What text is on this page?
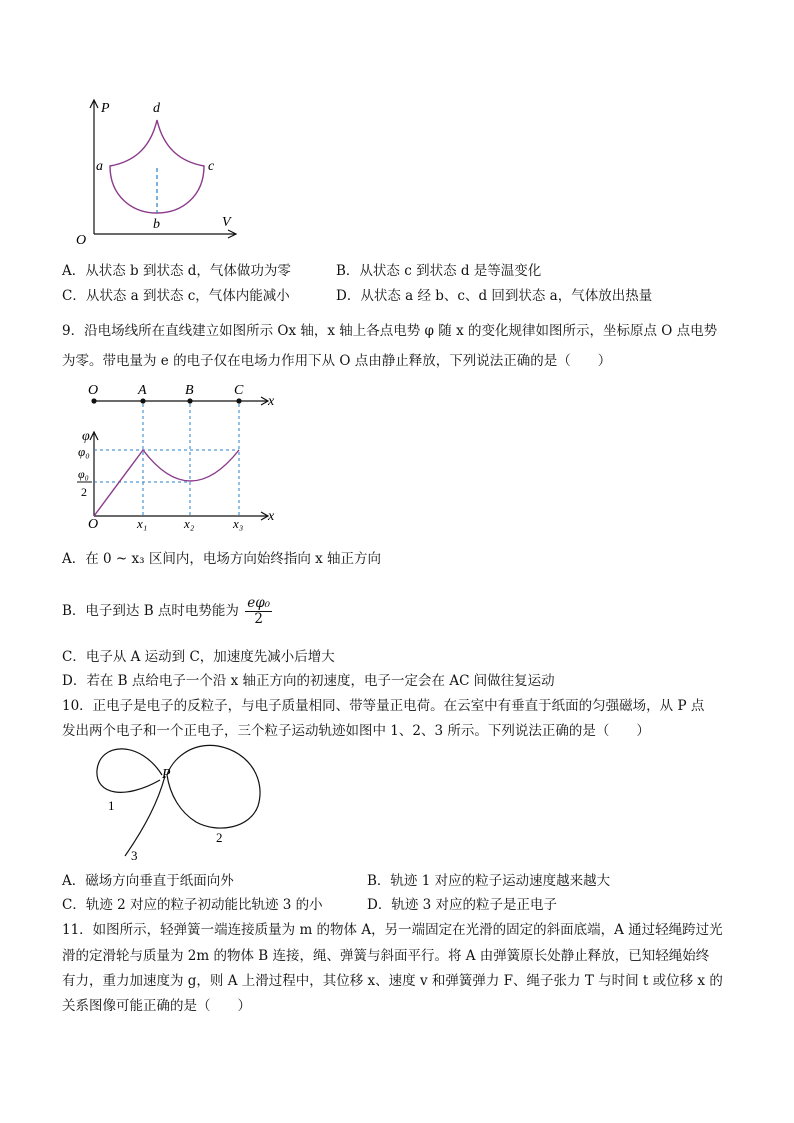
P
V
O
a
b
c
d
A．从状态 b 到状态 d，气体做功为零	B．从状态 c 到状态 d 是等温变化
C．从状态 a 到状态 c，气体内能减小	D．从状态 a 经 b、c、d 回到状态 a，气体放出热量
9．沿电场线所在直线建立如图所示 Ox 轴，x 轴上各点电势 φ 随 x 的变化规律如图所示，坐标原点 O 点电势
为零。带电量为 e 的电子仅在电场力作用下从 O 点由静止释放，下列说法正确的是（　　）
O	A	B	C
x
φ
φ₀
φ₀
2
O	x₁	x₂	x₃ x
A．在 0 ~ x₃ 区间内，电场方向始终指向 x 轴正方向
B．电子到达 B 点时电势能为 $\frac{\text{eφ₀}}{2}$
C．电子从 A 运动到 C，加速度先减小后增大
D．若在 B 点给电子一个沿 x 轴正方向的初速度，电子一定会在 AC 间做往复运动
10．正电子是电子的反粒子，与电子质量相同、带等量正电荷。在云室中有垂直于纸面的匀强磁场，从 P 点
发出两个电子和一个正电子，三个粒子运动轨迹如图中 1、2、3 所示。下列说法正确的是（　　）
P
1
2
3
A．磁场方向垂直于纸面向外	B．轨迹 1 对应的粒子运动速度越来越大
C．轨迹 2 对应的粒子初动能比轨迹 3 的小	D．轨迹 3 对应的粒子是正电子
11．如图所示，轻弹簧一端连接质量为 m 的物体 A，另一端固定在光滑的固定的斜面底端，A 通过轻绳跨过光
滑的定滑轮与质量为 2m 的物体 B 连接，绳、弹簧与斜面平行。将 A 由弹簧原长处静止释放，已知轻绳始终
有力，重力加速度为 g，则 A 上滑过程中，其位移 x、速度 v 和弹簧弹力 F、绳子张力 T 与时间 t 或位移 x 的
关系图像可能正确的是（　　）
